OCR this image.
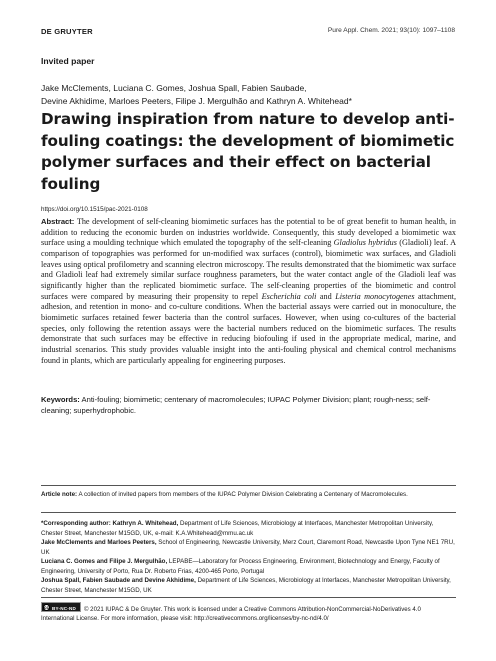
DE GRUYTER	Pure Appl. Chem. 2021; 93(10): 1097–1108
Invited paper
Jake McClements, Luciana C. Gomes, Joshua Spall, Fabien Saubade,
Devine Akhidime, Marloes Peeters, Filipe J. Mergulhão and Kathryn A. Whitehead*
Drawing inspiration from nature to develop anti-fouling coatings: the development of biomimetic polymer surfaces and their effect on bacterial fouling
https://doi.org/10.1515/pac-2021-0108
Abstract: The development of self-cleaning biomimetic surfaces has the potential to be of great benefit to human health, in addition to reducing the economic burden on industries worldwide. Consequently, this study developed a biomimetic wax surface using a moulding technique which emulated the topography of the self-cleaning Gladiolus hybridus (Gladioli) leaf. A comparison of topographies was performed for un-modified wax surfaces (control), biomimetic wax surfaces, and Gladioli leaves using optical profilometry and scanning electron microscopy. The results demonstrated that the biomimetic wax surface and Gladioli leaf had extremely similar surface roughness parameters, but the water contact angle of the Gladioli leaf was significantly higher than the replicated biomimetic surface. The self-cleaning properties of the biomimetic and control surfaces were compared by measuring their propensity to repel Escherichia coli and Listeria monocytogenes attachment, adhesion, and retention in mono- and co-culture conditions. When the bacterial assays were carried out in monoculture, the biomimetic surfaces retained fewer bacteria than the control surfaces. However, when using co-cultures of the bacterial species, only following the retention assays were the bacterial numbers reduced on the biomimetic surfaces. The results demonstrate that such surfaces may be effective in reducing biofouling if used in the appropriate medical, marine, and industrial scenarios. This study provides valuable insight into the anti-fouling physical and chemical control mechanisms found in plants, which are particularly appealing for engineering purposes.
Keywords: Anti-fouling; biomimetic; centenary of macromolecules; IUPAC Polymer Division; plant; rough-ness; self-cleaning; superhydrophobic.
Article note: A collection of invited papers from members of the IUPAC Polymer Division Celebrating a Centenary of Macromolecules.

*Corresponding author: Kathryn A. Whitehead, Department of Life Sciences, Microbiology at Interfaces, Manchester Metropolitan University, Chester Street, Manchester M15GD, UK, e-mail: K.A.Whitehead@mmu.ac.uk

Jake McClements and Marloes Peeters, School of Engineering, Newcastle University, Merz Court, Claremont Road, Newcastle Upon Tyne NE1 7RU, UK

Luciana C. Gomes and Filipe J. Mergulhão, LEPABE—Laboratory for Process Engineering, Environment, Biotechnology and Energy, Faculty of Engineering, University of Porto, Rua Dr. Roberto Frias, 4200-465 Porto, Portugal

Joshua Spall, Fabien Saubade and Devine Akhidime, Department of Life Sciences, Microbiology at Interfaces, Manchester Metropolitan University, Chester Street, Manchester M15GD, UK

cc BY-NC-ND © 2021 IUPAC & De Gruyter. This work is licensed under a Creative Commons Attribution-NonCommercial-NoDerivatives 4.0 International License. For more information, please visit: http://creativecommons.org/licenses/by-nc-nd/4.0/
